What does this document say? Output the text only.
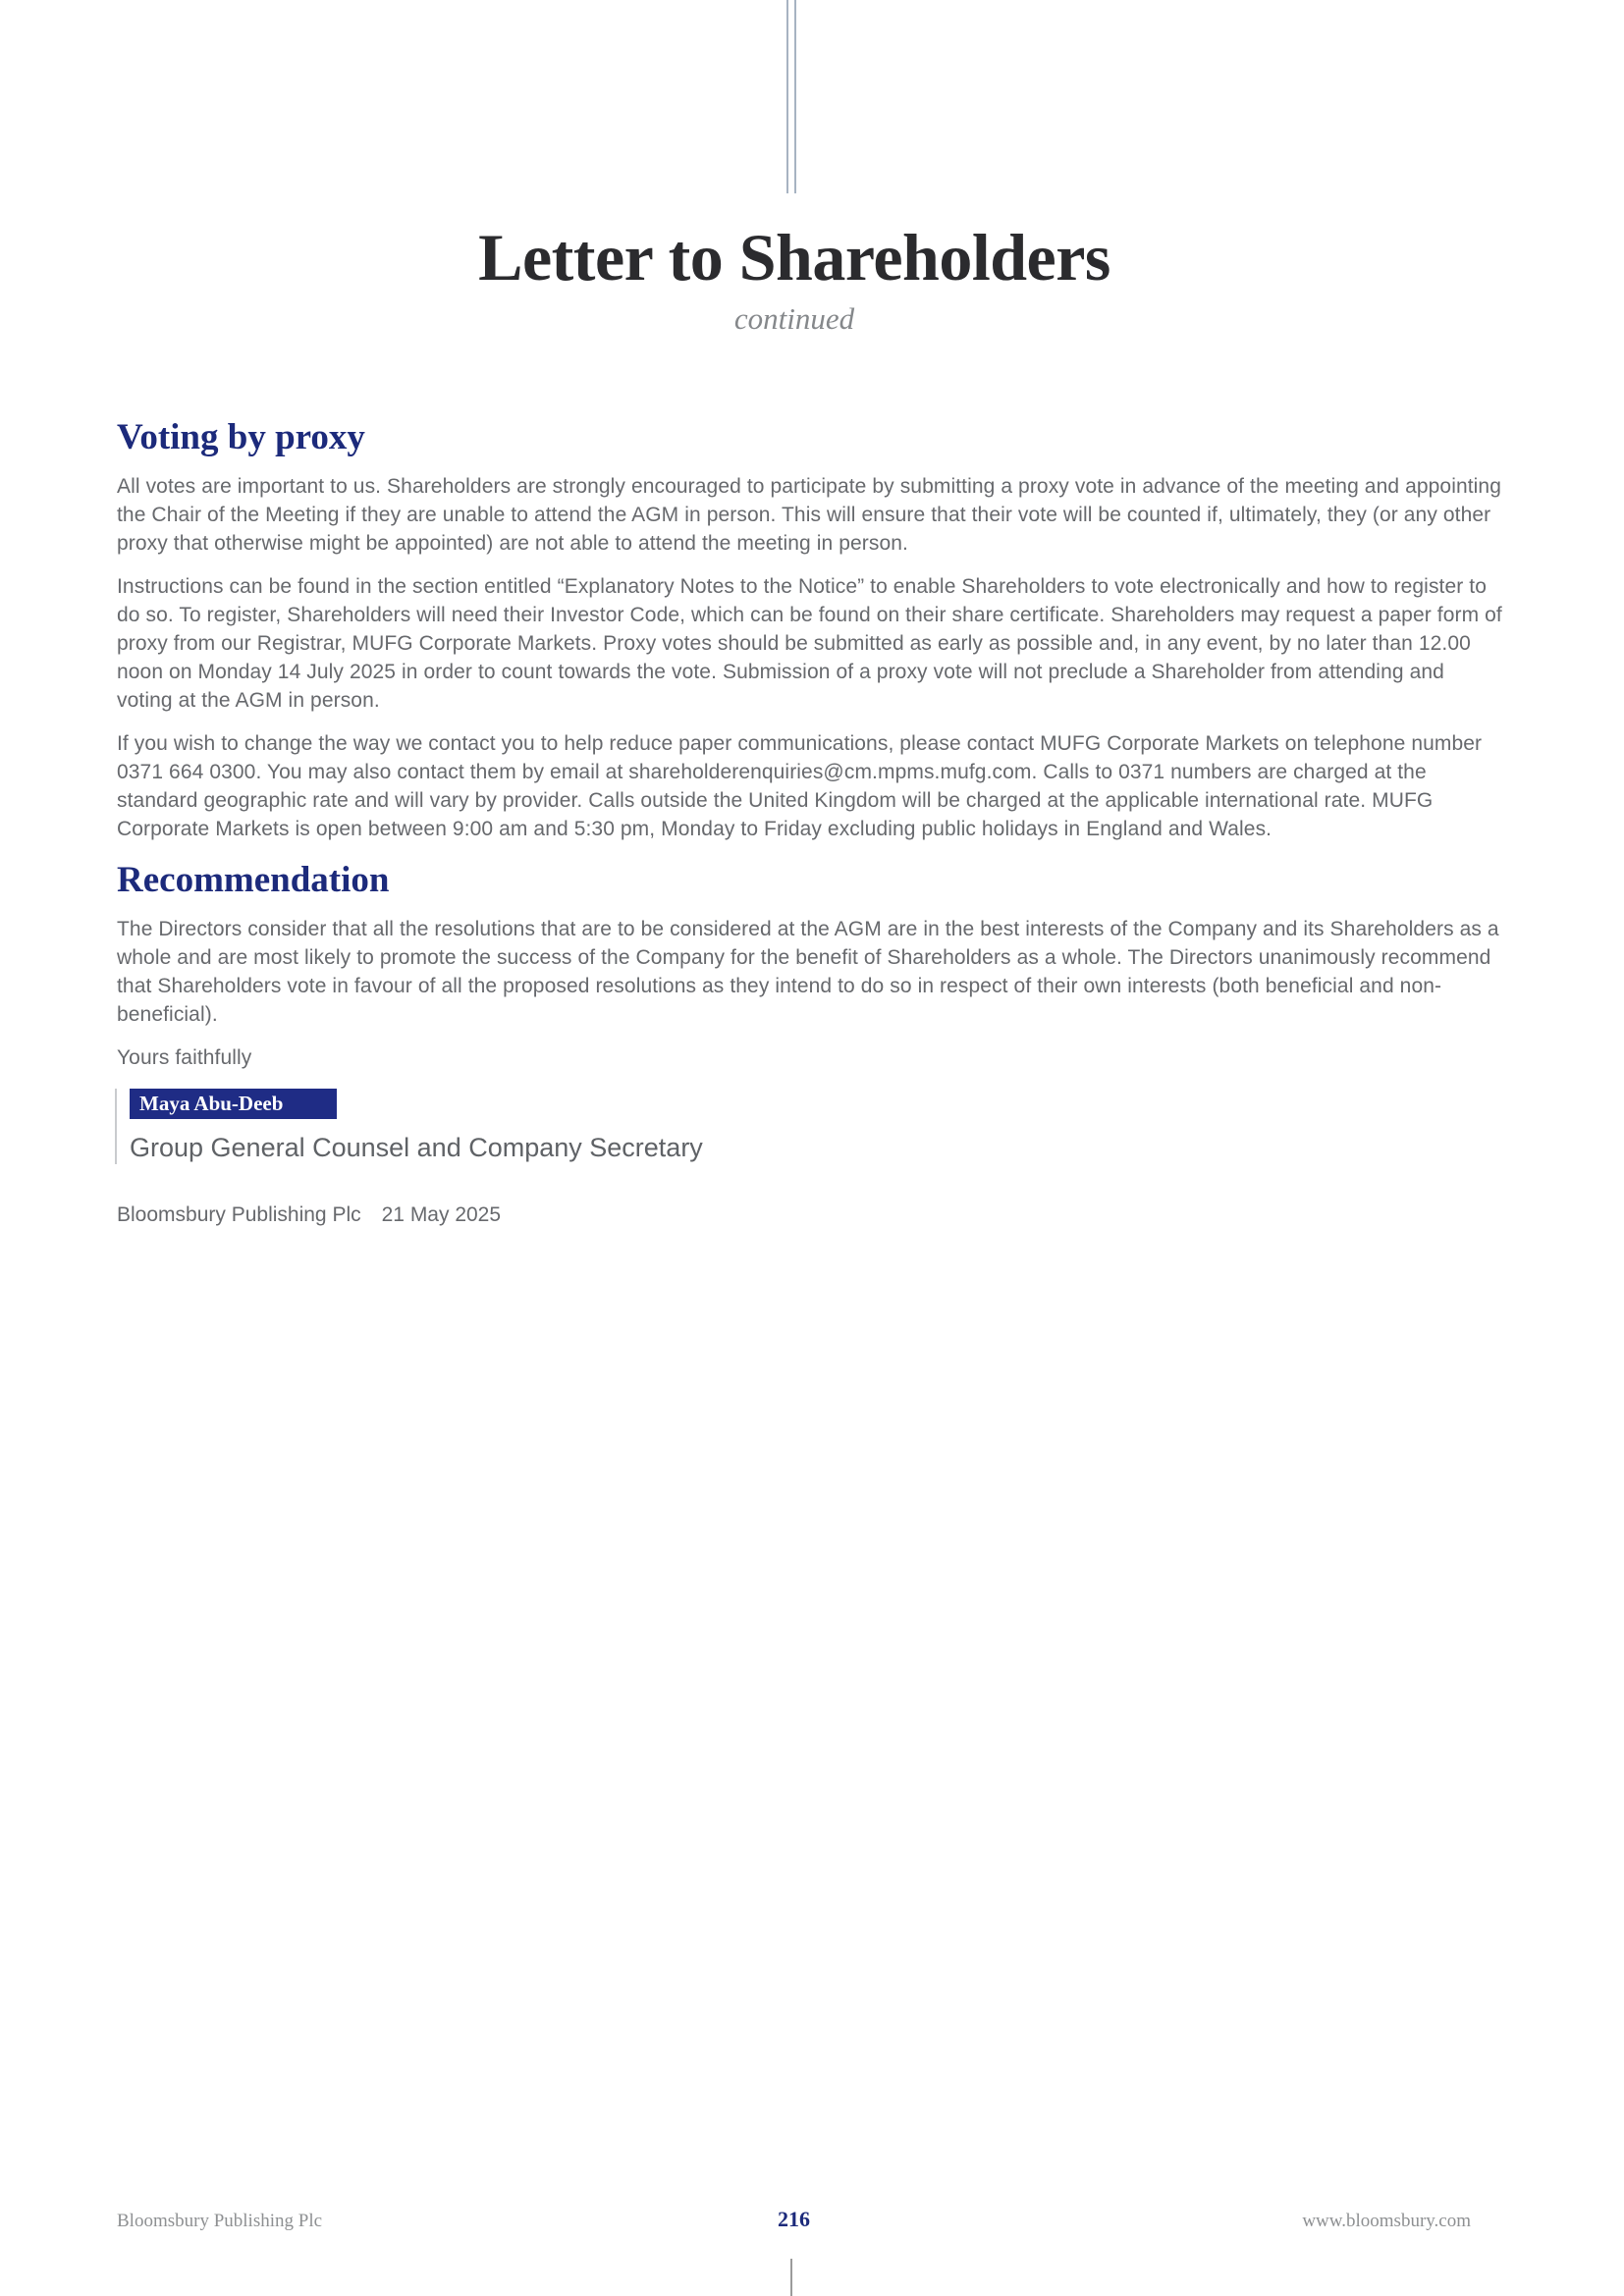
Letter to Shareholders
continued
Voting by proxy

All votes are important to us. Shareholders are strongly encouraged to participate by submitting a proxy vote in advance of the meeting and appointing the Chair of the Meeting if they are unable to attend the AGM in person. This will ensure that their vote will be counted if, ultimately, they (or any other proxy that otherwise might be appointed) are not able to attend the meeting in person.

Instructions can be found in the section entitled “Explanatory Notes to the Notice” to enable Shareholders to vote electronically and how to register to do so. To register, Shareholders will need their Investor Code, which can be found on their share certificate. Shareholders may request a paper form of proxy from our Registrar, MUFG Corporate Markets. Proxy votes should be submitted as early as possible and, in any event, by no later than 12.00 noon on Monday 14 July 2025 in order to count towards the vote. Submission of a proxy vote will not preclude a Shareholder from attending and voting at the AGM in person.

If you wish to change the way we contact you to help reduce paper communications, please contact MUFG Corporate Markets on telephone number 0371 664 0300. You may also contact them by email at shareholderenquiries@cm.mpms.mufg.com. Calls to 0371 numbers are charged at the standard geographic rate and will vary by provider. Calls outside the United Kingdom will be charged at the applicable international rate. MUFG Corporate Markets is open between 9:00 am and 5:30 pm, Monday to Friday excluding public holidays in England and Wales.

Recommendation

The Directors consider that all the resolutions that are to be considered at the AGM are in the best interests of the Company and its Shareholders as a whole and are most likely to promote the success of the Company for the benefit of Shareholders as a whole. The Directors unanimously recommend that Shareholders vote in favour of all the proposed resolutions as they intend to do so in respect of their own interests (both beneficial and non-beneficial).

Yours faithfully

Maya Abu-Deeb
Group General Counsel and Company Secretary
Bloomsbury Publishing Plc 21 May 2025
Bloomsbury Publishing Plc	216	www.bloomsbury.com
